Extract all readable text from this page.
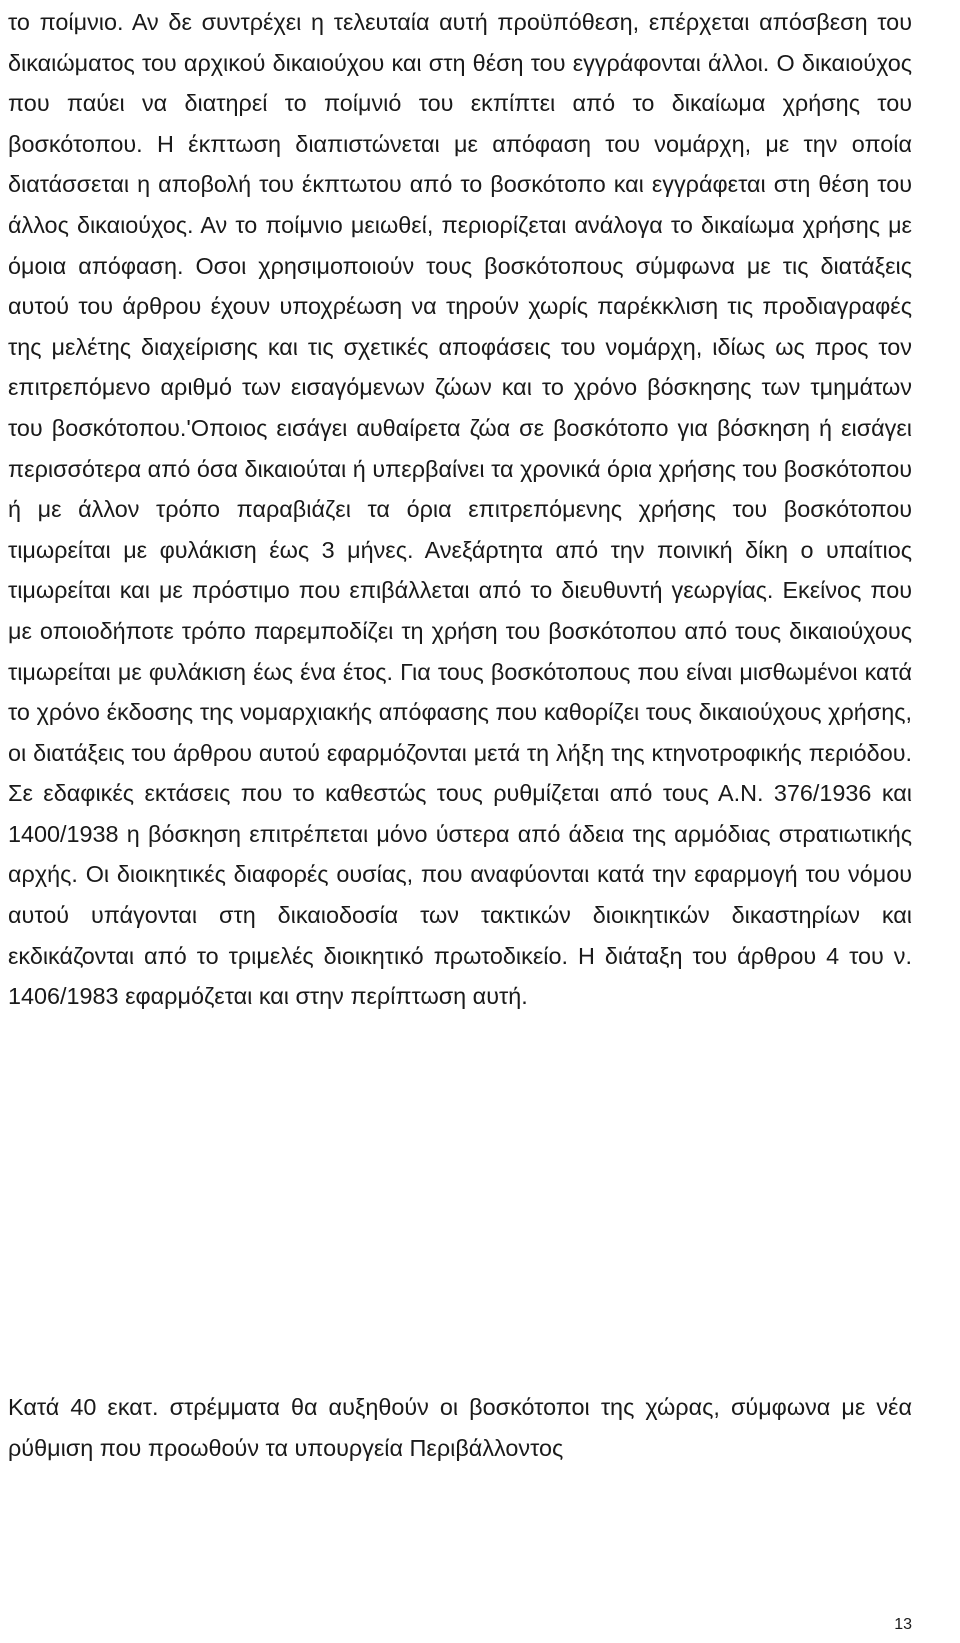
το ποίμνιο. Αν δε συντρέχει η τελευταία αυτή προϋπόθεση, επέρχεται απόσβεση του δικαιώματος του αρχικού δικαιούχου και στη θέση του εγγράφονται άλλοι. Ο δικαιούχος που παύει να διατηρεί το ποίμνιό του εκπίπτει από το δικαίωμα χρήσης του βοσκότοπου. Η έκπτωση διαπιστώνεται με απόφαση του νομάρχη, με την οποία διατάσσεται η αποβολή του έκπτωτου από το βοσκότοπο και εγγράφεται στη θέση του άλλος δικαιούχος. Αν το ποίμνιο μειωθεί, περιορίζεται ανάλογα το δικαίωμα χρήσης με όμοια απόφαση. Οσοι χρησιμοποιούν τους βοσκότοπους σύμφωνα με τις διατάξεις αυτού του άρθρου έχουν υποχρέωση να τηρούν χωρίς παρέκκλιση τις προδιαγραφές της μελέτης διαχείρισης και τις σχετικές αποφάσεις του νομάρχη, ιδίως ως προς τον επιτρεπόμενο αριθμό των εισαγόμενων ζώων και το χρόνο βόσκησης των τμημάτων του βοσκότοπου.'Οποιος εισάγει αυθαίρετα ζώα σε βοσκότοπο για βόσκηση ή εισάγει περισσότερα από όσα δικαιούται ή υπερβαίνει τα χρονικά όρια χρήσης του βοσκότοπου ή με άλλον τρόπο παραβιάζει τα όρια επιτρεπόμενης χρήσης του βοσκότοπου τιμωρείται με φυλάκιση έως 3 μήνες. Ανεξάρτητα από την ποινική δίκη ο υπαίτιος τιμωρείται και με πρόστιμο που επιβάλλεται από το διευθυντή γεωργίας. Εκείνος που με οποιοδήποτε τρόπο παρεμποδίζει τη χρήση του βοσκότοπου από τους δικαιούχους τιμωρείται με φυλάκιση έως ένα έτος. Για τους βοσκότοπους που είναι μισθωμένοι κατά το χρόνο έκδοσης της νομαρχιακής απόφασης που καθορίζει τους δικαιούχους χρήσης, οι διατάξεις του άρθρου αυτού εφαρμόζονται μετά τη λήξη της κτηνοτροφικής περιόδου. Σε εδαφικές εκτάσεις που το καθεστώς τους ρυθμίζεται από τους Α.Ν. 376/1936 και 1400/1938 η βόσκηση επιτρέπεται μόνο ύστερα από άδεια της αρμόδιας στρατιωτικής αρχής. Οι διοικητικές διαφορές ουσίας, που αναφύονται κατά την εφαρμογή του νόμου αυτού υπάγονται στη δικαιοδοσία των τακτικών διοικητικών δικαστηρίων και εκδικάζονται από το τριμελές διοικητικό πρωτοδικείο. Η διάταξη του άρθρου 4 του ν. 1406/1983 εφαρμόζεται και στην περίπτωση αυτή.

Κατά 40 εκατ. στρέμματα θα αυξηθούν οι βοσκότοποι της χώρας, σύμφωνα με νέα ρύθμιση που προωθούν τα υπουργεία Περιβάλλοντος

13
